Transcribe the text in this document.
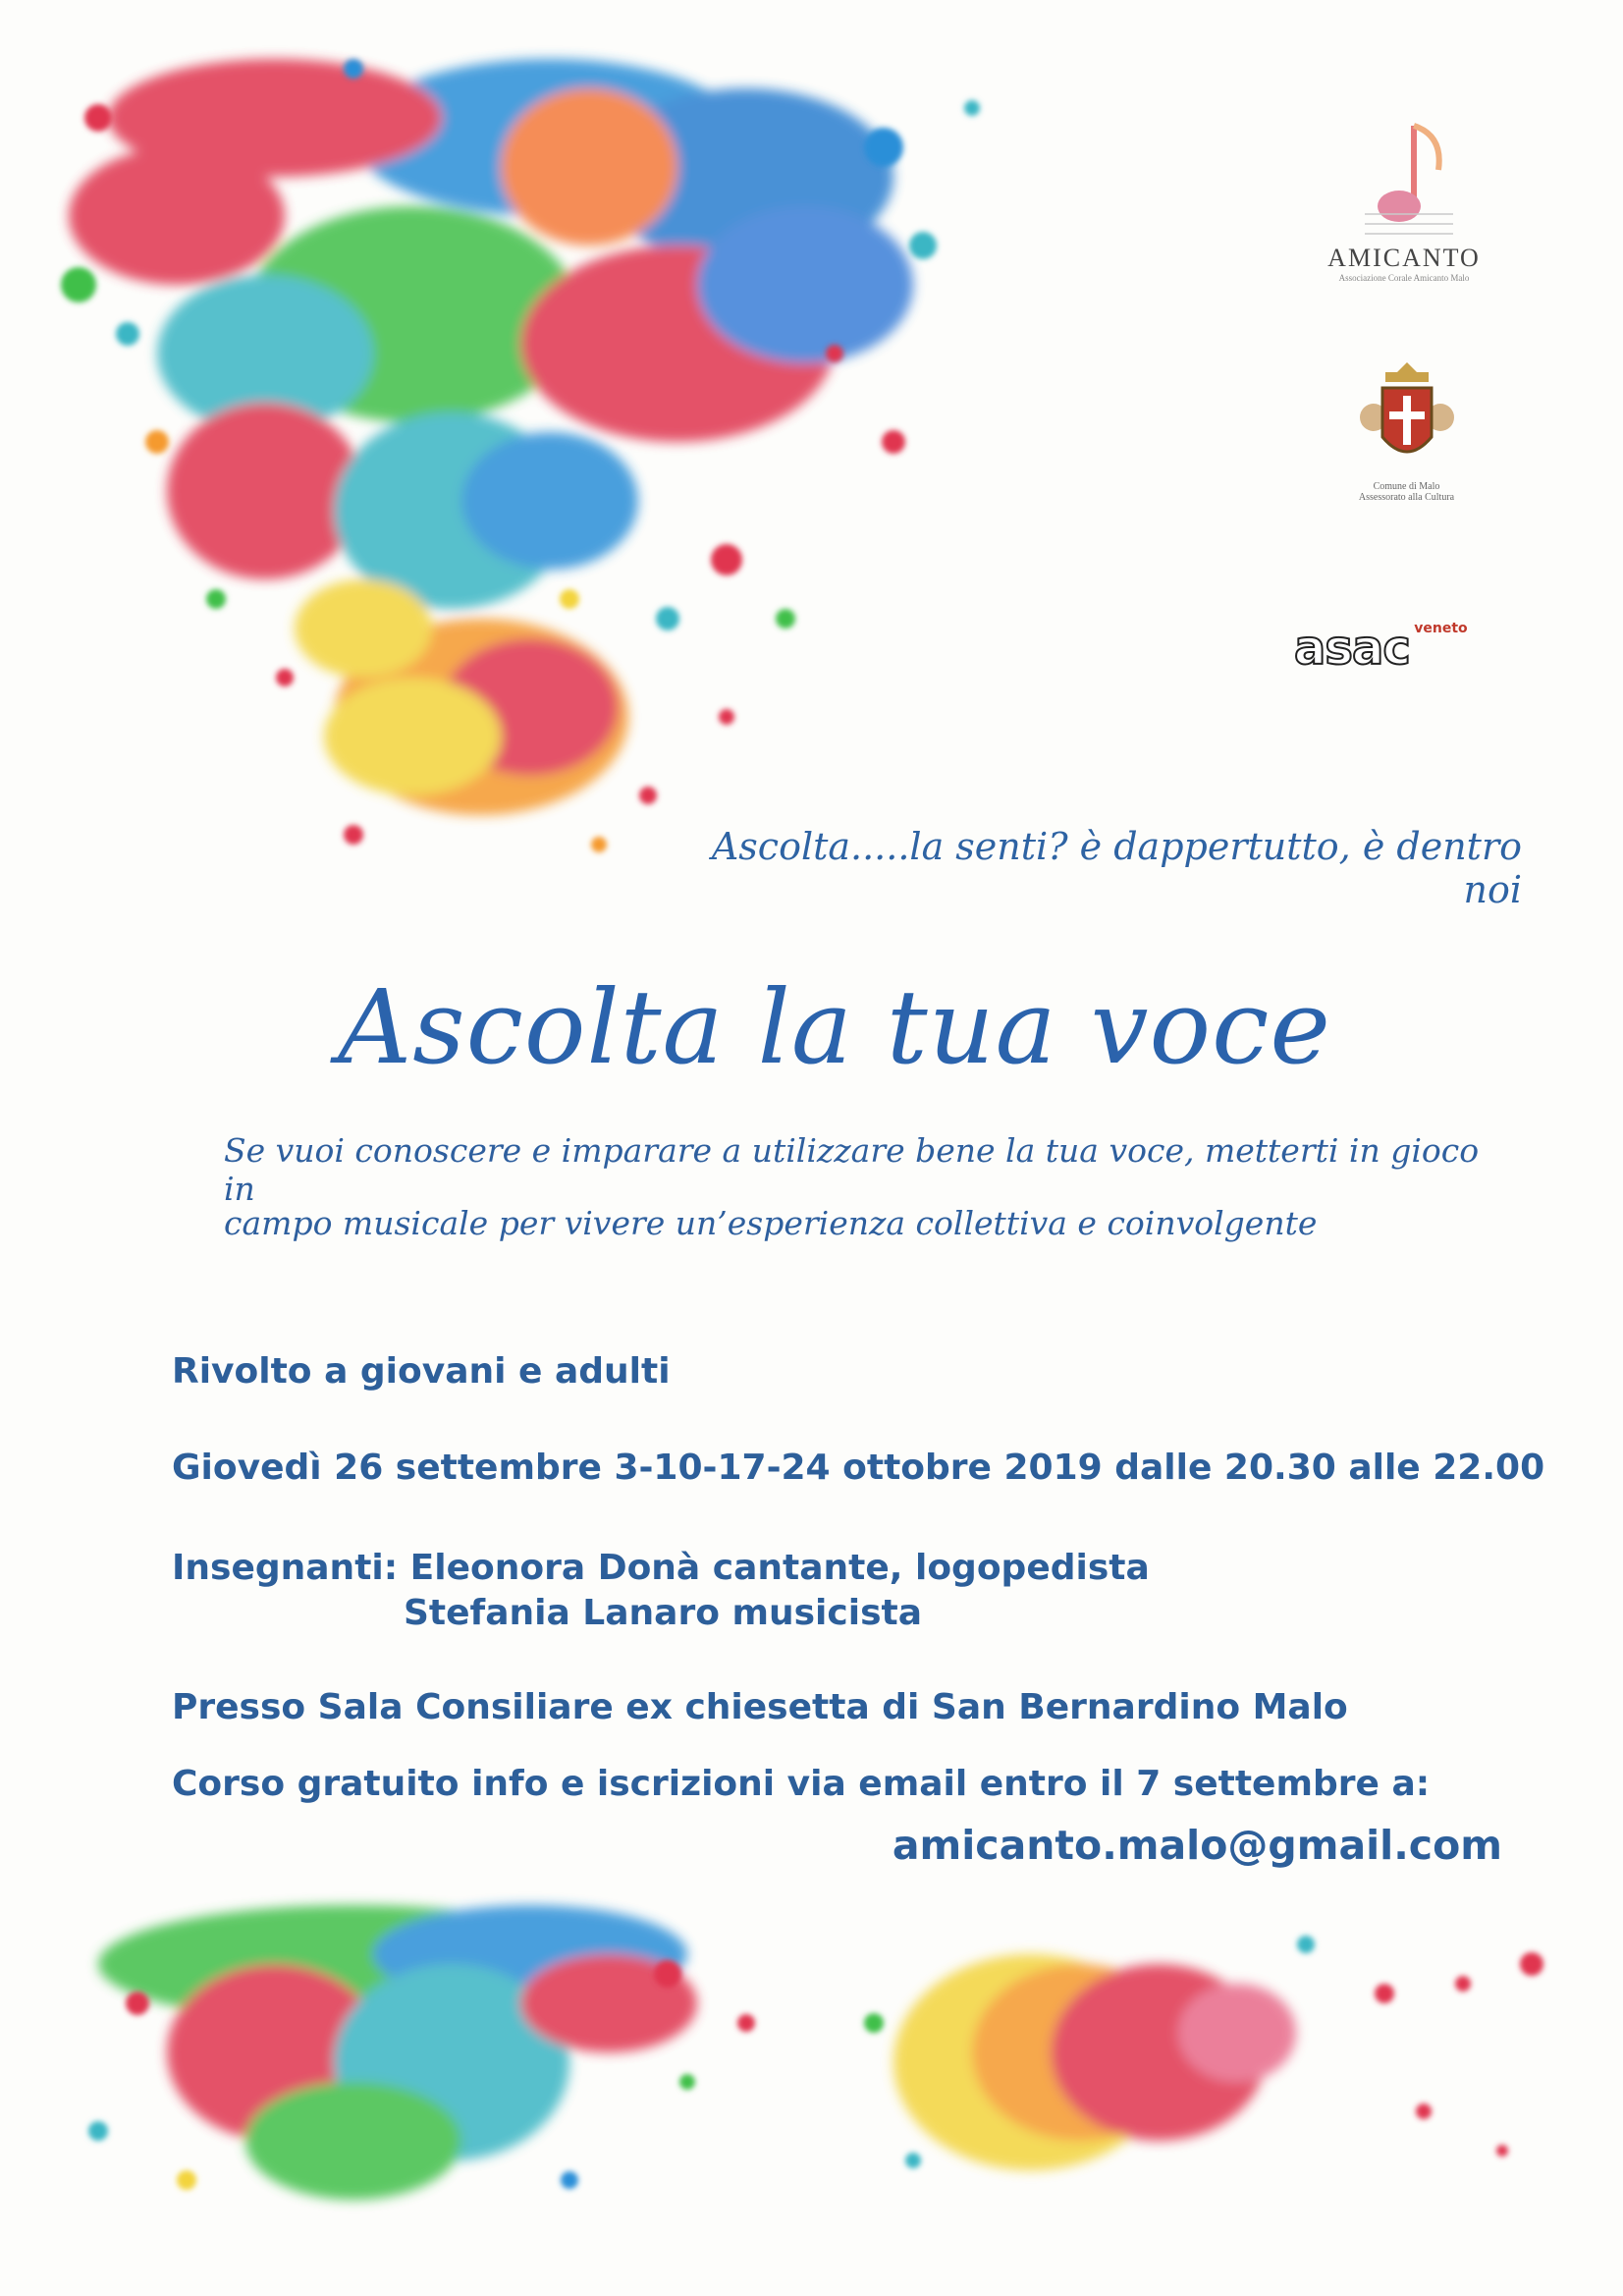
AMICANTO
Associazione Corale Amicanto Malo
Comune di Malo
Assessorato alla Cultura
asac veneto
Ascolta.....la senti? è dappertutto, è dentro noi
Ascolta la tua voce
Se vuoi conoscere e imparare a utilizzare bene la tua voce, metterti in gioco in
campo musicale per vivere un’esperienza collettiva e coinvolgente
Rivolto a giovani e adulti
Giovedì 26 settembre 3-10-17-24 ottobre 2019 dalle 20.30 alle 22.00
Insegnanti: Eleonora Donà cantante, logopedista
Stefania Lanaro musicista
Presso Sala Consiliare ex chiesetta di San Bernardino Malo
Corso gratuito info e iscrizioni via email entro il 7 settembre a:
amicanto.malo@gmail.com
